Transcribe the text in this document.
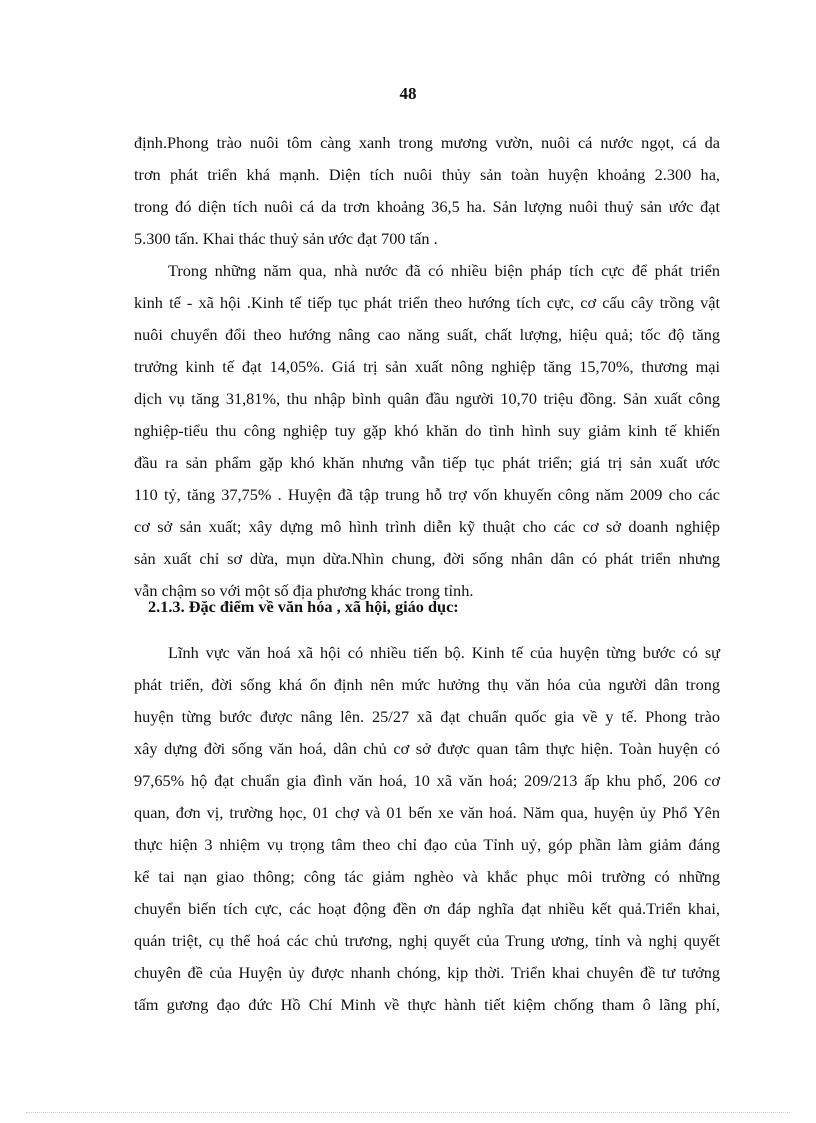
48
định.Phong trào nuôi tôm càng xanh trong mương vườn, nuôi cá nước ngọt, cá da
trơn phát triển khá mạnh. Diện tích nuôi thủy sản toàn huyện khoảng 2.300 ha,
trong đó diện tích nuôi cá da trơn khoảng 36,5 ha. Sản lượng nuôi thuỷ sản ước đạt
5.300 tấn. Khai thác thuỷ sản ước đạt 700 tấn .
Trong những năm qua, nhà nước đã có nhiều biện pháp tích cực để phát triển
kinh tế - xã hội .Kinh tế tiếp tục phát triển theo hướng tích cực, cơ cấu cây trồng vật
nuôi chuyển đổi theo hướng nâng cao năng suất, chất lượng, hiệu quả; tốc độ tăng
trưởng kinh tế đạt 14,05%. Giá trị sản xuất nông nghiệp tăng 15,70%, thương mại
dịch vụ tăng 31,81%, thu nhập bình quân đầu người 10,70 triệu đồng. Sản xuất công
nghiệp-tiểu thu công nghiệp tuy gặp khó khăn do tình hình suy giảm kinh tế khiến
đầu ra sản phẩm gặp khó khăn nhưng vẫn tiếp tục phát triển; giá trị sản xuất ước
110 tỷ, tăng 37,75% . Huyện đã tập trung hỗ trợ vốn khuyến công năm 2009 cho các
cơ sở sản xuất; xây dựng mô hình trình diễn kỹ thuật cho các cơ sở doanh nghiệp
sản xuất chỉ sơ dừa, mụn dừa.Nhìn chung, đời sống nhân dân có phát triển nhưng
vẫn chậm so với một số địa phương khác trong tỉnh.
2.1.3. Đặc điểm về văn hóa , xã hội, giáo dục:
Lĩnh vực văn hoá xã hội có nhiều tiến bộ. Kinh tế của huyện từng bước có sự
phát triển, đời sống khá ổn định nên mức hưởng thụ văn hóa của người dân trong
huyện từng bước được nâng lên. 25/27 xã đạt chuẩn quốc gia về y tế. Phong trào
xây dựng đời sống văn hoá, dân chủ cơ sở được quan tâm thực hiện. Toàn huyện có
97,65% hộ đạt chuẩn gia đình văn hoá, 10 xã văn hoá; 209/213 ấp khu phố, 206 cơ
quan, đơn vị, trường học, 01 chợ và 01 bến xe văn hoá. Năm qua, huyện ủy Phổ Yên
thực hiện 3 nhiệm vụ trọng tâm theo chỉ đạo của Tỉnh uỷ, góp phần làm giảm đáng
kể tai nạn giao thông; công tác giảm nghèo và khắc phục môi trường có những
chuyển biến tích cực, các hoạt động đền ơn đáp nghĩa đạt nhiều kết quả.Triển khai,
quán triệt, cụ thể hoá các chủ trương, nghị quyết của Trung ương, tỉnh và nghị quyết
chuyên đề của Huyện ủy được nhanh chóng, kịp thời. Triển khai chuyên đề tư tưởng
tấm gương đạo đức Hồ Chí Minh về thực hành tiết kiệm chống tham ô lãng phí,
